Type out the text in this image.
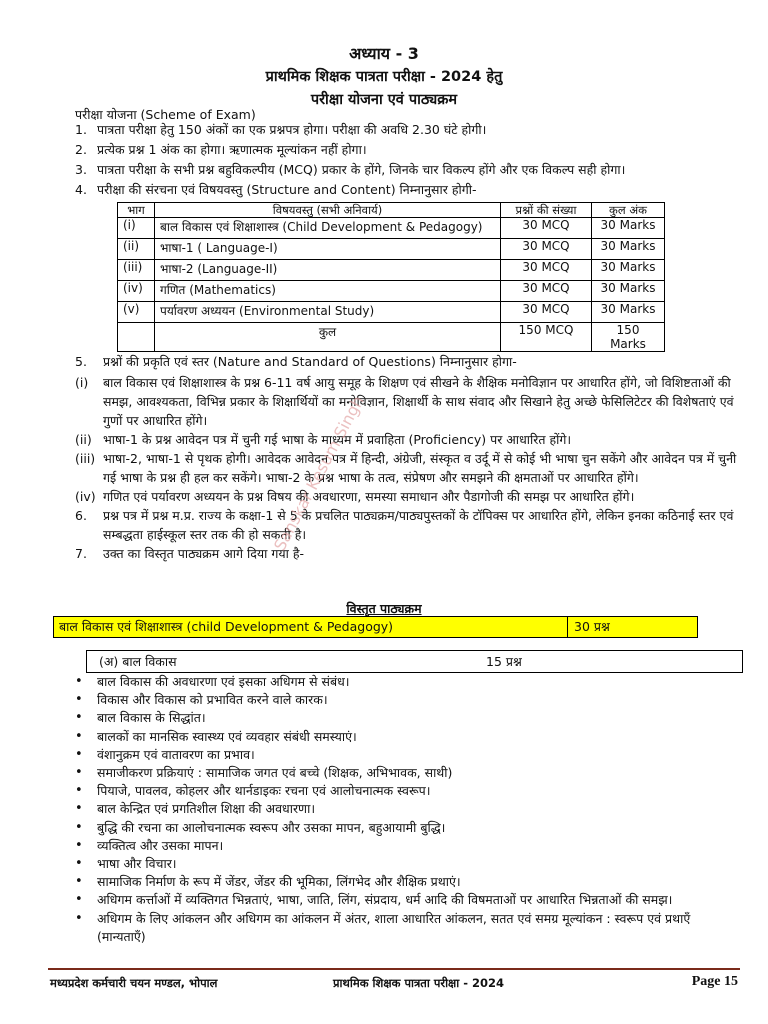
अध्याय - 3
प्राथमिक शिक्षक पात्रता परीक्षा - 2024 हेतु
परीक्षा योजना एवं पाठ्यक्रम
परीक्षा योजना (Scheme of Exam)
1. पात्रता परीक्षा हेतु 150 अंकों का एक प्रश्नपत्र होगा। परीक्षा की अवधि 2.30 घंटे होगी।
2. प्रत्येक प्रश्न 1 अंक का होगा। ऋणात्मक मूल्यांकन नहीं होगा।
3. पात्रता परीक्षा के सभी प्रश्न बहुविकल्पीय (MCQ) प्रकार के होंगे, जिनके चार विकल्प होंगे और एक विकल्प सही होगा।
4. परीक्षा की संरचना एवं विषयवस्तु (Structure and Content) निम्नानुसार होगी-
भाग	विषयवस्तु (सभी अनिवार्य)	प्रश्नों की संख्या	कुल अंक
(i)	बाल विकास एवं शिक्षाशास्त्र (Child Development & Pedagogy)	30 MCQ	30 Marks
(ii)	भाषा-1 ( Language-I)	30 MCQ	30 Marks
(iii)	भाषा-2 (Language-II)	30 MCQ	30 Marks
(iv)	गणित (Mathematics)	30 MCQ	30 Marks
(v)	पर्यावरण अध्ययन (Environmental Study)	30 MCQ	30 Marks
	कुल	150 MCQ	150 Marks
5.	प्रश्नों की प्रकृति एवं स्तर (Nature and Standard of Questions) निम्नानुसार होगा-
(i)	बाल विकास एवं शिक्षाशास्त्र के प्रश्न 6-11 वर्ष आयु समूह के शिक्षण एवं सीखने के शैक्षिक मनोविज्ञान पर आधारित होंगे, जो विशिष्टताओं की समझ, आवश्यकता, विभिन्न प्रकार के शिक्षार्थियों का मनोविज्ञान, शिक्षार्थी के साथ संवाद और सिखाने हेतु अच्छे फेसिलिटेटर की विशेषताएं एवं गुणों पर आधारित होंगे।
(ii) भाषा-1 के प्रश्न आवेदन पत्र में चुनी गई भाषा के माध्यम में प्रवाहिता (Proficiency) पर आधारित होंगे।
(iii) भाषा-2, भाषा-1 से पृथक होगी। आवेदक आवेदन पत्र में हिन्दी, अंग्रेजी, संस्कृत व उर्दू में से कोई भी भाषा चुन सकेंगे और आवेदन पत्र में चुनी गई भाषा के प्रश्न ही हल कर सकेंगे। भाषा-2 के प्रश्न भाषा के तत्व, संप्रेषण और समझने की क्षमताओं पर आधारित होंगे।
(iv) गणित एवं पर्यावरण अध्ययन के प्रश्न विषय की अवधारणा, समस्या समाधान और पैडागोजी की समझ पर आधारित होंगे।
6.	प्रश्न पत्र में प्रश्न म.प्र. राज्य के कक्षा-1 से 5 के प्रचलित पाठ्यक्रम/पाठ्यपुस्तकों के टॉपिक्स पर आधारित होंगे, लेकिन इनका कठिनाई स्तर एवं सम्बद्धता हाईस्कूल स्तर तक की हो सकती है।
7.	उक्त का विस्तृत पाठ्यक्रम आगे दिया गया है-
Sanskar Kesum Singh
विस्तृत पाठ्यक्रम
बाल विकास एवं शिक्षाशास्त्र (child Development & Pedagogy)	30 प्रश्न
(अ) बाल विकास	15 प्रश्न
•	बाल विकास की अवधारणा एवं इसका अधिगम से संबंध।
•	विकास और विकास को प्रभावित करने वाले कारक।
•	बाल विकास के सिद्धांत।
•	बालकों का मानसिक स्वास्थ्य एवं व्यवहार संबंधी समस्याएं।
•	वंशानुक्रम एवं वातावरण का प्रभाव।
•	समाजीकरण प्रक्रियाएं : सामाजिक जगत एवं बच्चे (शिक्षक, अभिभावक, साथी)
•	पियाजे, पावलव, कोहलर और थार्नडाइकः रचना एवं आलोचनात्मक स्वरूप।
•	बाल केन्द्रित एवं प्रगतिशील शिक्षा की अवधारणा।
•	बुद्धि की रचना का आलोचनात्मक स्वरूप और उसका मापन, बहुआयामी बुद्धि।
•	व्यक्तित्व और उसका मापन।
•	भाषा और विचार।
•	सामाजिक निर्माण के रूप में जेंडर, जेंडर की भूमिका, लिंगभेद और शैक्षिक प्रथाएं।
•	अधिगम कर्त्ताओं में व्यक्तिगत भिन्नताएं, भाषा, जाति, लिंग, संप्रदाय, धर्म आदि की विषमताओं पर आधारित भिन्नताओं की समझ।
•	अधिगम के लिए आंकलन और अधिगम का आंकलन में अंतर, शाला आधारित आंकलन, सतत एवं समग्र मूल्यांकन : स्वरूप एवं प्रथाएँ (मान्यताएँ)
मध्यप्रदेश कर्मचारी चयन मण्डल, भोपाल	प्राथमिक शिक्षक पात्रता परीक्षा - 2024	Page 15
